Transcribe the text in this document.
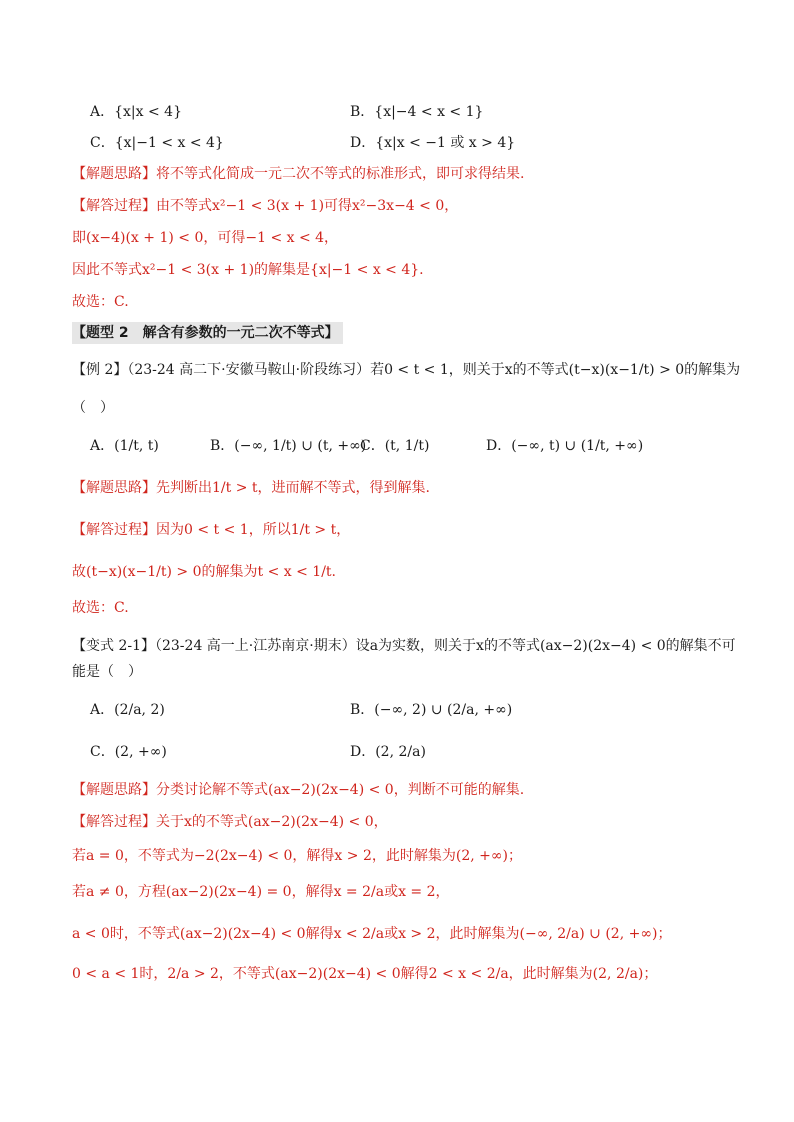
A．{x|x < 4}	B．{x|−4 < x < 1}
C．{x|−1 < x < 4}	D．{x|x < −1 或 x > 4}
【解题思路】将不等式化简成一元二次不等式的标准形式，即可求得结果.
【解答过程】由不等式x²−1 < 3(x + 1)可得x²−3x−4 < 0，
即(x−4)(x + 1) < 0，可得−1 < x < 4，
因此不等式x²−1 < 3(x + 1)的解集是{x|−1 < x < 4}.
故选：C.
【题型 2　解含有参数的一元二次不等式】
【例 2】（23-24 高二下·安徽马鞍山·阶段练习）若0 < t < 1，则关于x的不等式(t−x)(x−1/t) > 0的解集为
（　）
A．(1/t, t)	B．(−∞, 1/t) ∪ (t, +∞)
C．(t, 1/t)	D．(−∞, t) ∪ (1/t, +∞)
【解题思路】先判断出1/t > t，进而解不等式，得到解集.
【解答过程】因为0 < t < 1，所以1/t > t，
故(t−x)(x−1/t) > 0的解集为t < x < 1/t.
故选：C.
【变式 2-1】（23-24 高一上·江苏南京·期末）设a为实数，则关于x的不等式(ax−2)(2x−4) < 0的解集不可
能是（　）
A．(2/a, 2)	B．(−∞, 2) ∪ (2/a, +∞)
C．(2, +∞)	D．(2, 2/a)
【解题思路】分类讨论解不等式(ax−2)(2x−4) < 0，判断不可能的解集.
【解答过程】关于x的不等式(ax−2)(2x−4) < 0，
若a = 0，不等式为−2(2x−4) < 0，解得x > 2，此时解集为(2, +∞)；
若a ≠ 0，方程(ax−2)(2x−4) = 0，解得x = 2/a或x = 2，
a < 0时，不等式(ax−2)(2x−4) < 0解得x < 2/a或x > 2，此时解集为(−∞, 2/a) ∪ (2, +∞)；
0 < a < 1时，2/a > 2，不等式(ax−2)(2x−4) < 0解得2 < x < 2/a，此时解集为(2, 2/a)；
